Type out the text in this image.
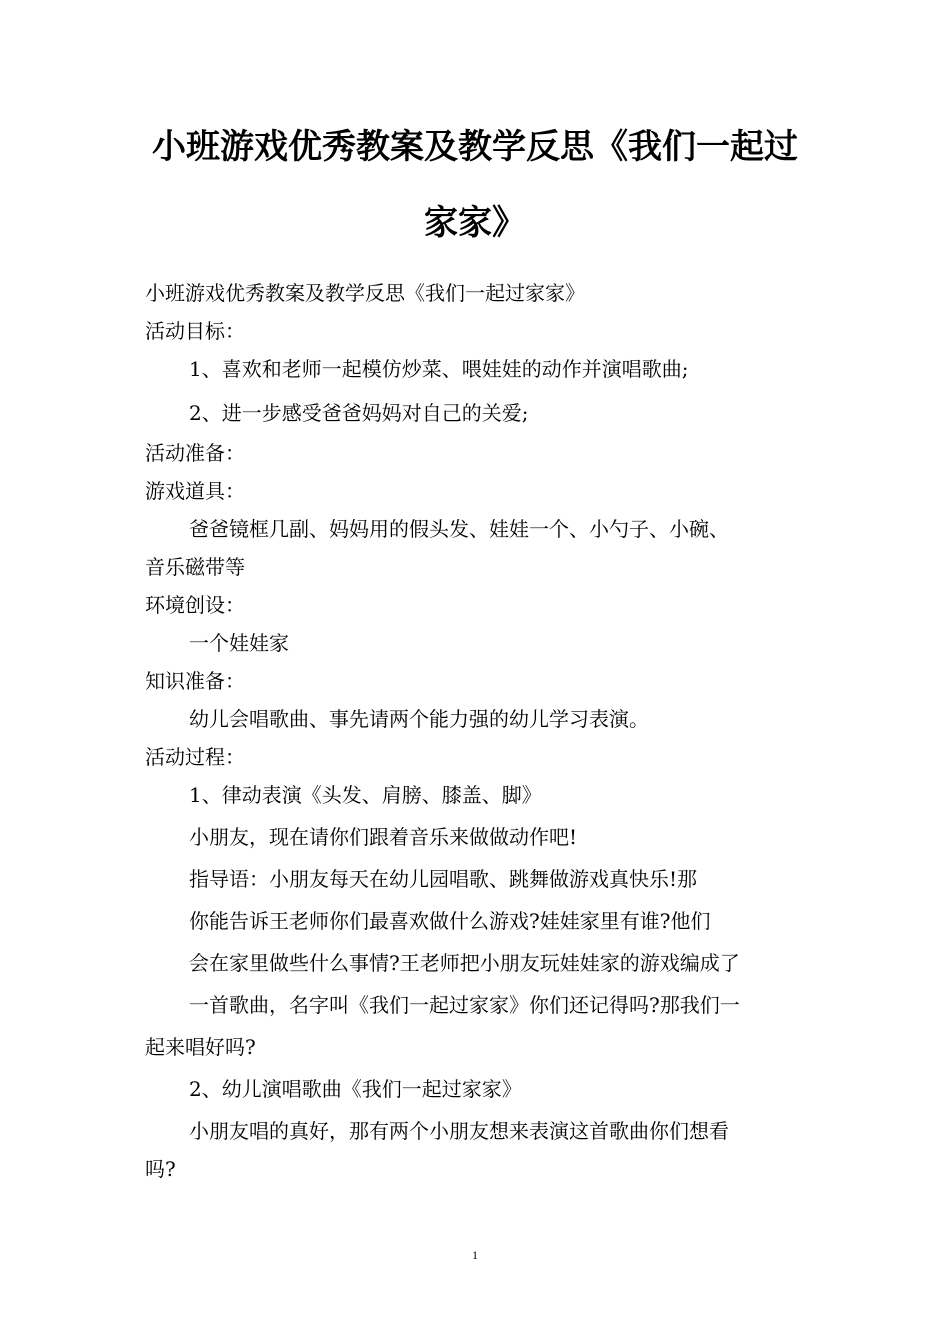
小班游戏优秀教案及教学反思《我们一起过
家家》
小班游戏优秀教案及教学反思《我们一起过家家》
活动目标：
1、喜欢和老师一起模仿炒菜、喂娃娃的动作并演唱歌曲;
2、进一步感受爸爸妈妈对自己的关爱;
活动准备：
游戏道具：
爸爸镜框几副、妈妈用的假头发、娃娃一个、小勺子、小碗、
音乐磁带等
环境创设：
一个娃娃家
知识准备：
幼儿会唱歌曲、事先请两个能力强的幼儿学习表演。
活动过程：
1、律动表演《头发、肩膀、膝盖、脚》
小朋友，现在请你们跟着音乐来做做动作吧!
指导语：小朋友每天在幼儿园唱歌、跳舞做游戏真快乐!那
你能告诉王老师你们最喜欢做什么游戏?娃娃家里有谁?他们
会在家里做些什么事情?王老师把小朋友玩娃娃家的游戏编成了
一首歌曲，名字叫《我们一起过家家》你们还记得吗?那我们一
起来唱好吗?
2、幼儿演唱歌曲《我们一起过家家》
小朋友唱的真好，那有两个小朋友想来表演这首歌曲你们想看
吗?
1
